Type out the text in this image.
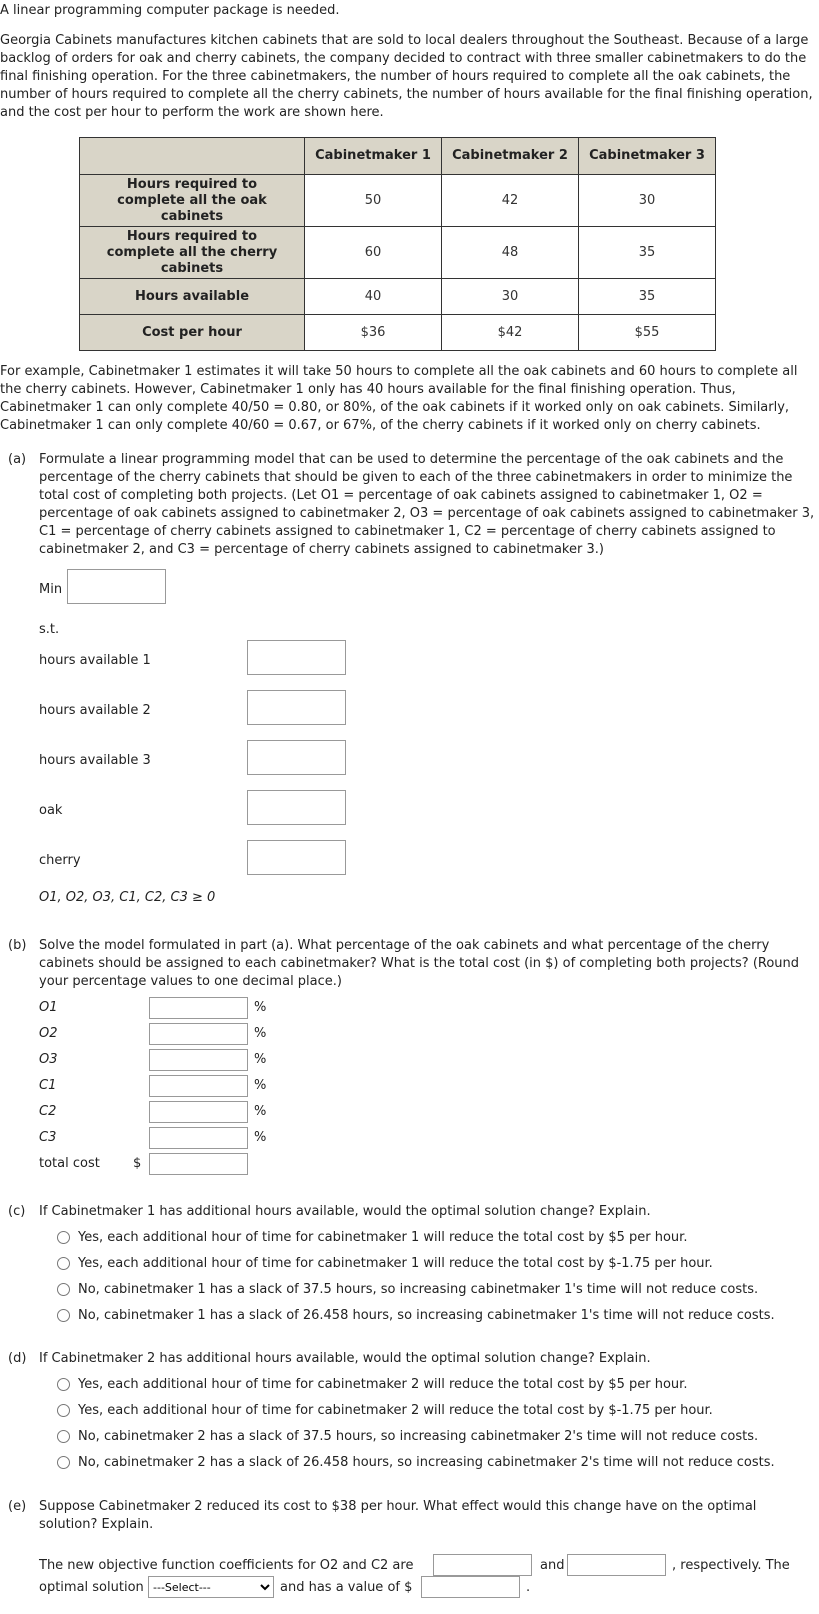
A linear programming computer package is needed.

Georgia Cabinets manufactures kitchen cabinets that are sold to local dealers throughout the Southeast. Because of a large backlog of orders for oak and cherry cabinets, the company decided to contract with three smaller cabinetmakers to do the final finishing operation. For the three cabinetmakers, the number of hours required to complete all the oak cabinets, the number of hours required to complete all the cherry cabinets, the number of hours available for the final finishing operation, and the cost per hour to perform the work are shown here.

	Cabinetmaker 1	Cabinetmaker 2	Cabinetmaker 3

Hours required to complete all the oak cabinets	50	42	30

Hours required to complete all the cherry cabinets	60	48	35
Hours available	40	30	35
Cost per hour	$36	$42	$55

For example, Cabinetmaker 1 estimates it will take 50 hours to complete all the oak cabinets and 60 hours to complete all the cherry cabinets. However, Cabinetmaker 1 only has 40 hours available for the final finishing operation. Thus, Cabinetmaker 1 can only complete 40/50 = 0.80, or 80%, of the oak cabinets if it worked only on oak cabinets. Similarly, Cabinetmaker 1 can only complete 40/60 = 0.67, or 67%, of the cherry cabinets if it worked only on cherry cabinets.

(a) Formulate a linear programming model that can be used to determine the percentage of the oak cabinets and the percentage of the cherry cabinets that should be given to each of the three cabinetmakers in order to minimize the total cost of completing both projects. (Let O1 = percentage of oak cabinets assigned to cabinetmaker 1, O2 = percentage of oak cabinets assigned to cabinetmaker 2, O3 = percentage of oak cabinets assigned to cabinetmaker 3, C1 = percentage of cherry cabinets assigned to cabinetmaker 1, C2 = percentage of cherry cabinets assigned to cabinetmaker 2, and C3 = percentage of cherry cabinets assigned to cabinetmaker 3.)

Min
s.t.
hours available 1
hours available 2
hours available 3
oak
cherry
O1, O2, O3, C1, C2, C3 ≥ 0
(b) Solve the model formulated in part (a). What percentage of the oak cabinets and what percentage of the cherry cabinets should be assigned to each cabinetmaker? What is the total cost (in $) of completing both projects? (Round your percentage values to one decimal place.)

O1	%
O2	%
O3	%
C1	%
C2	%
C3	%
total cost	$
(c) If Cabinetmaker 1 has additional hours available, would the optimal solution change? Explain.

Yes, each additional hour of time for cabinetmaker 1 will reduce the total cost by $5 per hour.
Yes, each additional hour of time for cabinetmaker 1 will reduce the total cost by $-1.75 per hour.
No, cabinetmaker 1 has a slack of 37.5 hours, so increasing cabinetmaker 1's time will not reduce costs.
No, cabinetmaker 1 has a slack of 26.458 hours, so increasing cabinetmaker 1's time will not reduce costs.
(d) If Cabinetmaker 2 has additional hours available, would the optimal solution change? Explain.

Yes, each additional hour of time for cabinetmaker 2 will reduce the total cost by $5 per hour.
Yes, each additional hour of time for cabinetmaker 2 will reduce the total cost by $-1.75 per hour.
No, cabinetmaker 2 has a slack of 37.5 hours, so increasing cabinetmaker 2's time will not reduce costs.
No, cabinetmaker 2 has a slack of 26.458 hours, so increasing cabinetmaker 2's time will not reduce costs.
(e) Suppose Cabinetmaker 2 reduced its cost to $38 per hour. What effect would this change have on the optimal solution? Explain.

The new objective function coefficients for O2 and C2 are	and	, respectively. The
optimal solution
---Select---	and has a value of $	.
